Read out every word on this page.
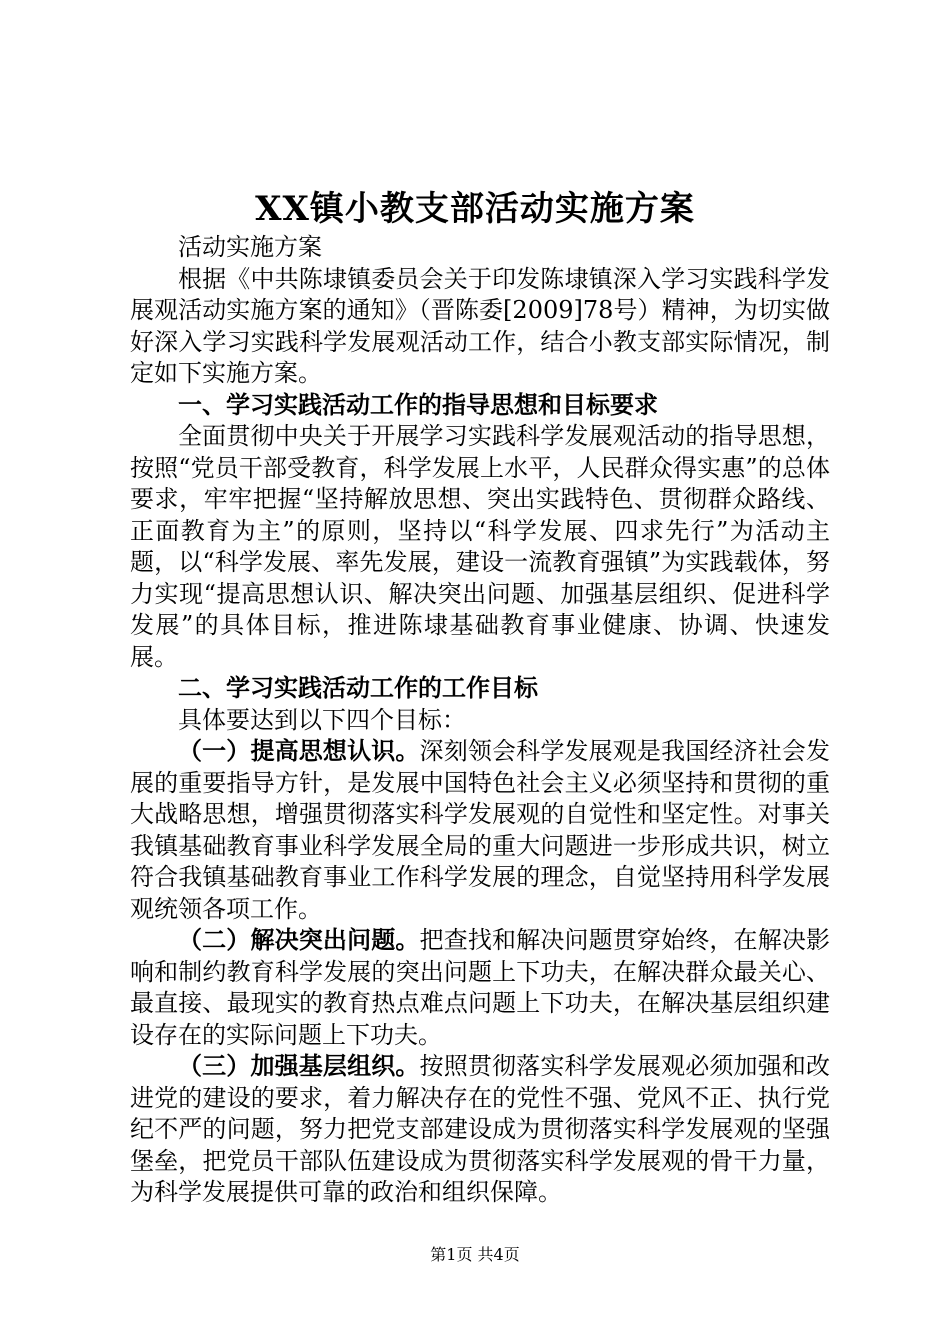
XX镇小教支部活动实施方案

活动实施方案

根据《中共陈埭镇委员会关于印发陈埭镇深入学习实践科学发展观活动实施方案的通知》（晋陈委[2009]78号）精神，为切实做好深入学习实践科学发展观活动工作，结合小教支部实际情况，制定如下实施方案。

一、学习实践活动工作的指导思想和目标要求

全面贯彻中央关于开展学习实践科学发展观活动的指导思想，按照“党员干部受教育，科学发展上水平，人民群众得实惠”的总体要求，牢牢把握“坚持解放思想、突出实践特色、贯彻群众路线、正面教育为主”的原则，坚持以“科学发展、四求先行”为活动主题，以“科学发展、率先发展，建设一流教育强镇”为实践载体，努力实现“提高思想认识、解决突出问题、加强基层组织、促进科学发展”的具体目标，推进陈埭基础教育事业健康、协调、快速发展。

二、学习实践活动工作的工作目标

具体要达到以下四个目标：

（一）提高思想认识。深刻领会科学发展观是我国经济社会发展的重要指导方针，是发展中国特色社会主义必须坚持和贯彻的重大战略思想，增强贯彻落实科学发展观的自觉性和坚定性。对事关我镇基础教育事业科学发展全局的重大问题进一步形成共识，树立符合我镇基础教育事业工作科学发展的理念，自觉坚持用科学发展观统领各项工作。

（二）解决突出问题。把查找和解决问题贯穿始终，在解决影响和制约教育科学发展的突出问题上下功夫，在解决群众最关心、最直接、最现实的教育热点难点问题上下功夫，在解决基层组织建设存在的实际问题上下功夫。

（三）加强基层组织。按照贯彻落实科学发展观必须加强和改进党的建设的要求，着力解决存在的党性不强、党风不正、执行党纪不严的问题，努力把党支部建设成为贯彻落实科学发展观的坚强堡垒，把党员干部队伍建设成为贯彻落实科学发展观的骨干力量，为科学发展提供可靠的政治和组织保障。

第1页 共4页
